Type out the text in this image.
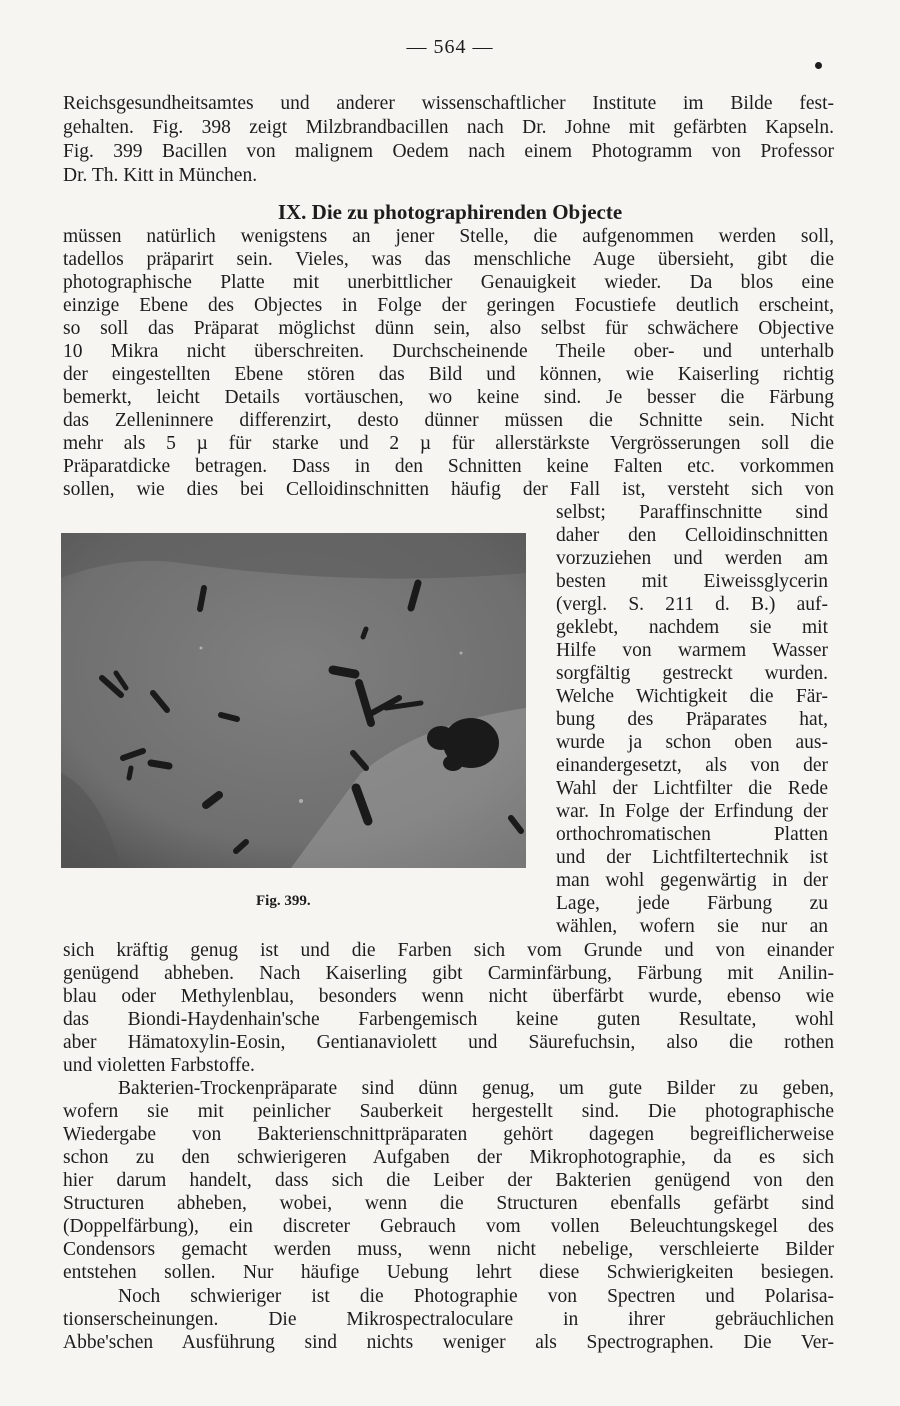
— 564 —
Reichsgesundheitsamtes und anderer wissenschaftlicher Institute im Bilde fest-
gehalten. Fig. 398 zeigt Milzbrandbacillen nach Dr. Johne mit gefärbten Kapseln.
Fig. 399 Bacillen von malignem Oedem nach einem Photogramm von Professor
Dr. Th. Kitt in München.
IX. Die zu photographirenden Objecte
müssen natürlich wenigstens an jener Stelle, die aufgenommen werden soll,
tadellos präparirt sein. Vieles, was das menschliche Auge übersieht, gibt die
photographische Platte mit unerbittlicher Genauigkeit wieder. Da blos eine
einzige Ebene des Objectes in Folge der geringen Focustiefe deutlich erscheint,
so soll das Präparat möglichst dünn sein, also selbst für schwächere Objective
10 Mikra nicht überschreiten. Durchscheinende Theile ober- und unterhalb
der eingestellten Ebene stören das Bild und können, wie Kaiserling richtig
bemerkt, leicht Details vortäuschen, wo keine sind. Je besser die Färbung
das Zelleninnere differenzirt, desto dünner müssen die Schnitte sein. Nicht
mehr als 5 µ für starke und 2 µ für allerstärkste Vergrösserungen soll die
Präparatdicke betragen. Dass in den Schnitten keine Falten etc. vorkommen
sollen, wie dies bei Celloidinschnitten häufig der Fall ist, versteht sich von
Fig. 399.
selbst; Paraffinschnitte sind
daher den Celloidinschnitten
vorzuziehen und werden am
besten mit Eiweissglycerin
(vergl. S. 211 d. B.) auf-
geklebt, nachdem sie mit
Hilfe von warmem Wasser
sorgfältig gestreckt wurden.
Welche Wichtigkeit die Fär-
bung des Präparates hat,
wurde ja schon oben aus-
einandergesetzt, als von der
Wahl der Lichtfilter die Rede
war. In Folge der Erfindung der
orthochromatischen Platten
und der Lichtfiltertechnik ist
man wohl gegenwärtig in der
Lage, jede Färbung zu
wählen, wofern sie nur an
sich kräftig genug ist und die Farben sich vom Grunde und von einander
genügend abheben. Nach Kaiserling gibt Carminfärbung, Färbung mit Anilin-
blau oder Methylenblau, besonders wenn nicht überfärbt wurde, ebenso wie
das Biondi-Haydenhain'sche Farbengemisch keine guten Resultate, wohl
aber Hämatoxylin-Eosin, Gentianaviolett und Säurefuchsin, also die rothen
und violetten Farbstoffe.
Bakterien-Trockenpräparate sind dünn genug, um gute Bilder zu geben,
wofern sie mit peinlicher Sauberkeit hergestellt sind. Die photographische
Wiedergabe von Bakterienschnittpräparaten gehört dagegen begreiflicherweise
schon zu den schwierigeren Aufgaben der Mikrophotographie, da es sich
hier darum handelt, dass sich die Leiber der Bakterien genügend von den
Structuren abheben, wobei, wenn die Structuren ebenfalls gefärbt sind
(Doppelfärbung), ein discreter Gebrauch vom vollen Beleuchtungskegel des
Condensors gemacht werden muss, wenn nicht nebelige, verschleierte Bilder
entstehen sollen. Nur häufige Uebung lehrt diese Schwierigkeiten besiegen.
Noch schwieriger ist die Photographie von Spectren und Polarisa-
tionserscheinungen. Die Mikrospectraloculare in ihrer gebräuchlichen
Abbe'schen Ausführung sind nichts weniger als Spectrographen. Die Ver-
